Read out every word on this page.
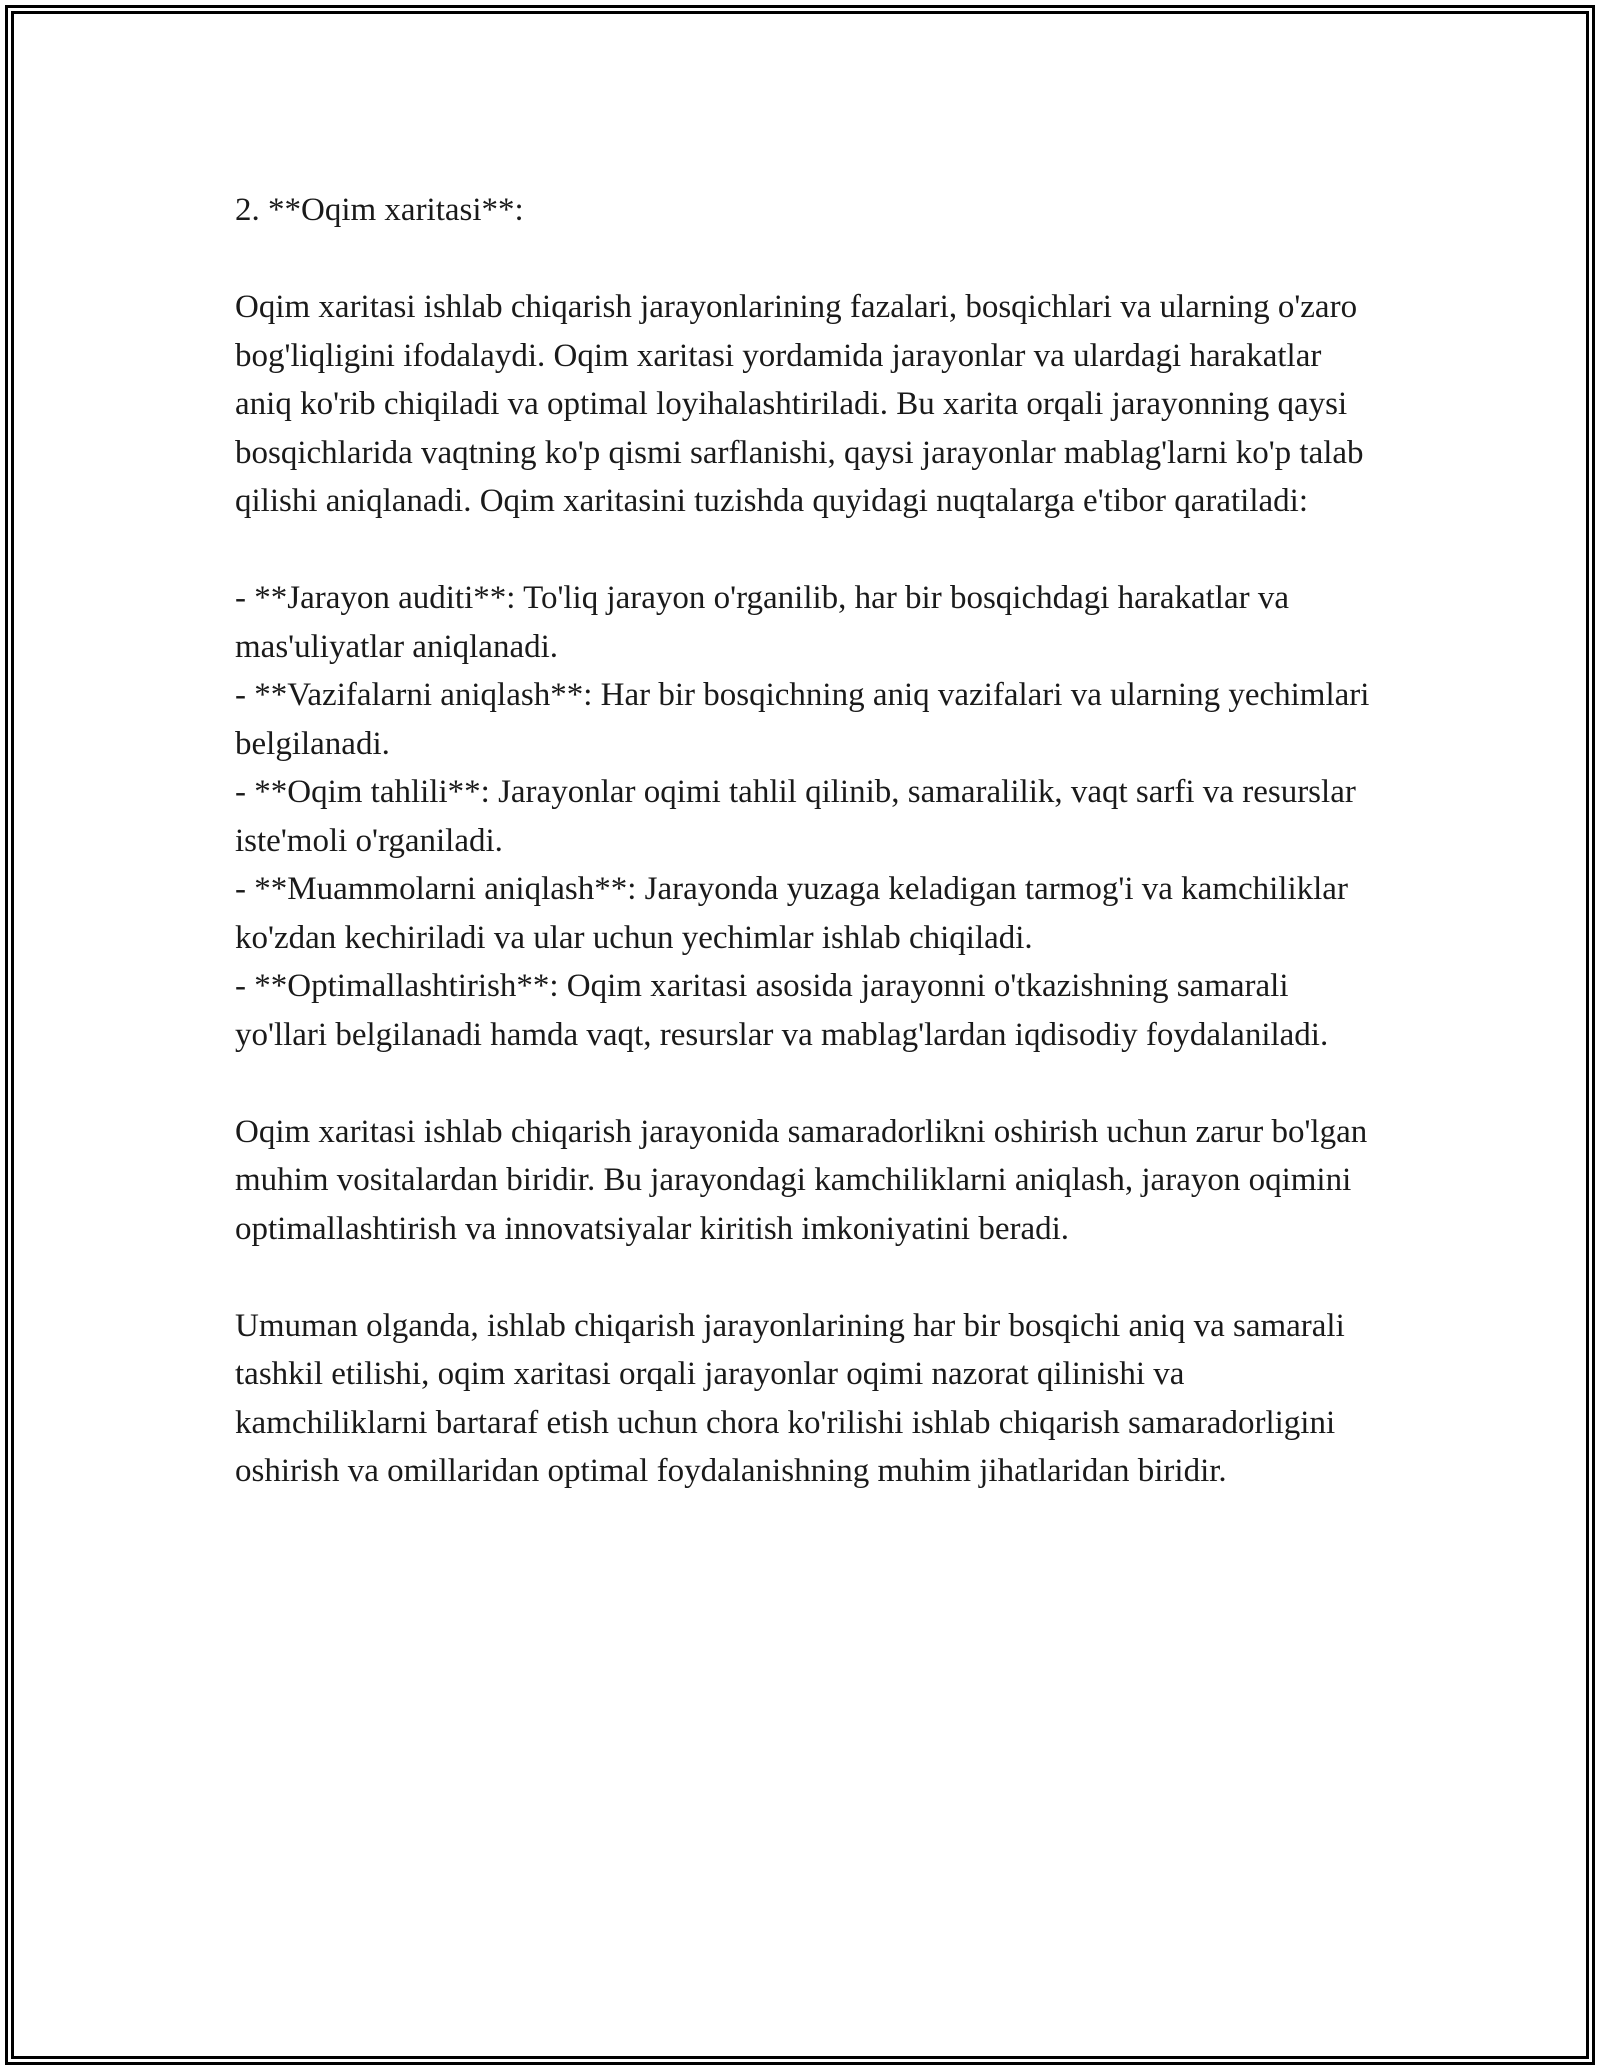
2. **Oqim xaritasi**:

Oqim xaritasi ishlab chiqarish jarayonlarining fazalari, bosqichlari va ularning o'zaro bog'liqligini ifodalaydi. Oqim xaritasi yordamida jarayonlar va ulardagi harakatlar aniq ko'rib chiqiladi va optimal loyihalashtiriladi. Bu xarita orqali jarayonning qaysi bosqichlarida vaqtning ko'p qismi sarflanishi, qaysi jarayonlar mablag'larni ko'p talab qilishi aniqlanadi. Oqim xaritasini tuzishda quyidagi nuqtalarga e'tibor qaratiladi:

- **Jarayon auditi**: To'liq jarayon o'rganilib, har bir bosqichdagi harakatlar va mas'uliyatlar aniqlanadi.

- **Vazifalarni aniqlash**: Har bir bosqichning aniq vazifalari va ularning yechimlari belgilanadi.

- **Oqim tahlili**: Jarayonlar oqimi tahlil qilinib, samaralilik, vaqt sarfi va resurslar iste'moli o'rganiladi.

- **Muammolarni aniqlash**: Jarayonda yuzaga keladigan tarmog'i va kamchiliklar ko'zdan kechiriladi va ular uchun yechimlar ishlab chiqiladi.

- **Optimallashtirish**: Oqim xaritasi asosida jarayonni o'tkazishning samarali yo'llari belgilanadi hamda vaqt, resurslar va mablag'lardan iqdisodiy foydalaniladi.

Oqim xaritasi ishlab chiqarish jarayonida samaradorlikni oshirish uchun zarur bo'lgan muhim vositalardan biridir. Bu jarayondagi kamchiliklarni aniqlash, jarayon oqimini optimallashtirish va innovatsiyalar kiritish imkoniyatini beradi.

Umuman olganda, ishlab chiqarish jarayonlarining har bir bosqichi aniq va samarali tashkil etilishi, oqim xaritasi orqali jarayonlar oqimi nazorat qilinishi va kamchiliklarni bartaraf etish uchun chora ko'rilishi ishlab chiqarish samaradorligini oshirish va omillaridan optimal foydalanishning muhim jihatlaridan biridir.
